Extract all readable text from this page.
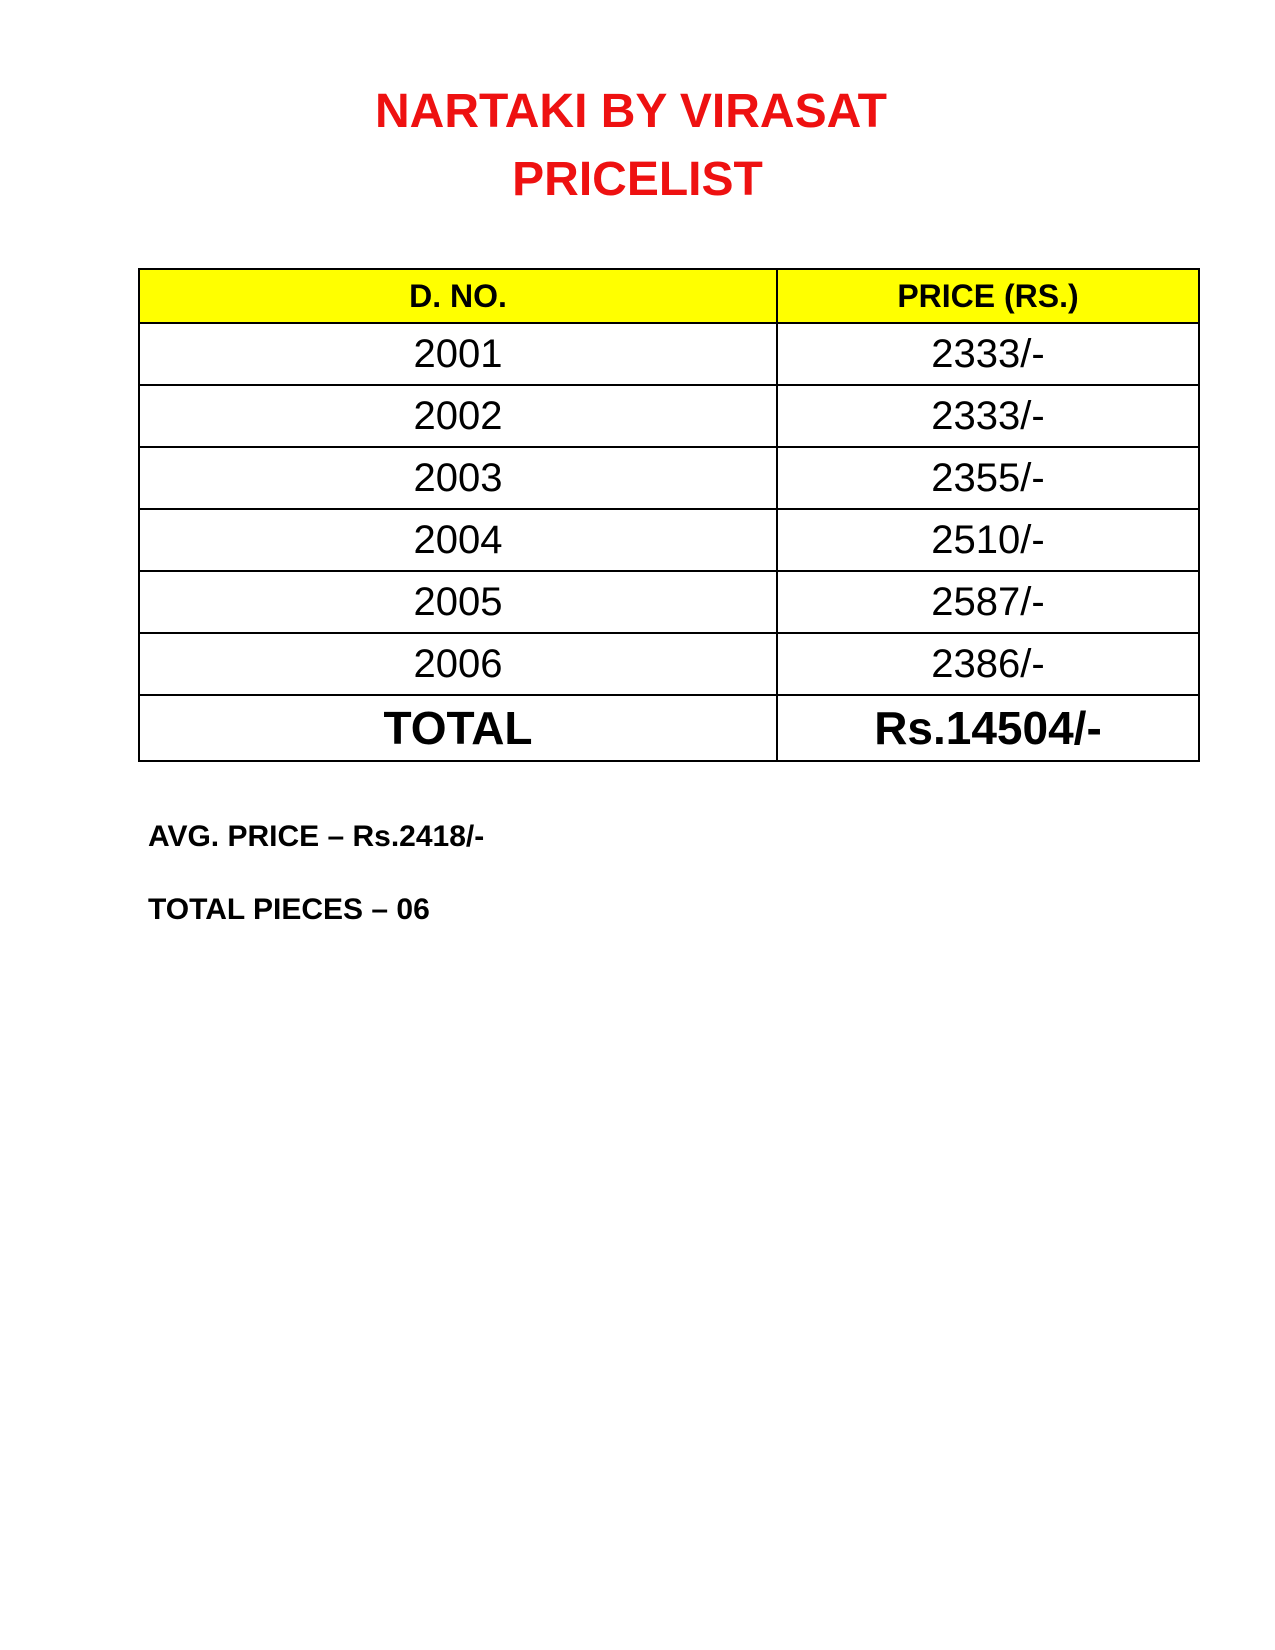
NARTAKI BY VIRASAT
PRICELIST
D. NO.	PRICE (RS.)
2001	2333/-
2002	2333/-
2003	2355/-
2004	2510/-
2005	2587/-
2006	2386/-
TOTAL	Rs.14504/-
AVG. PRICE – Rs.2418/-
TOTAL PIECES – 06
